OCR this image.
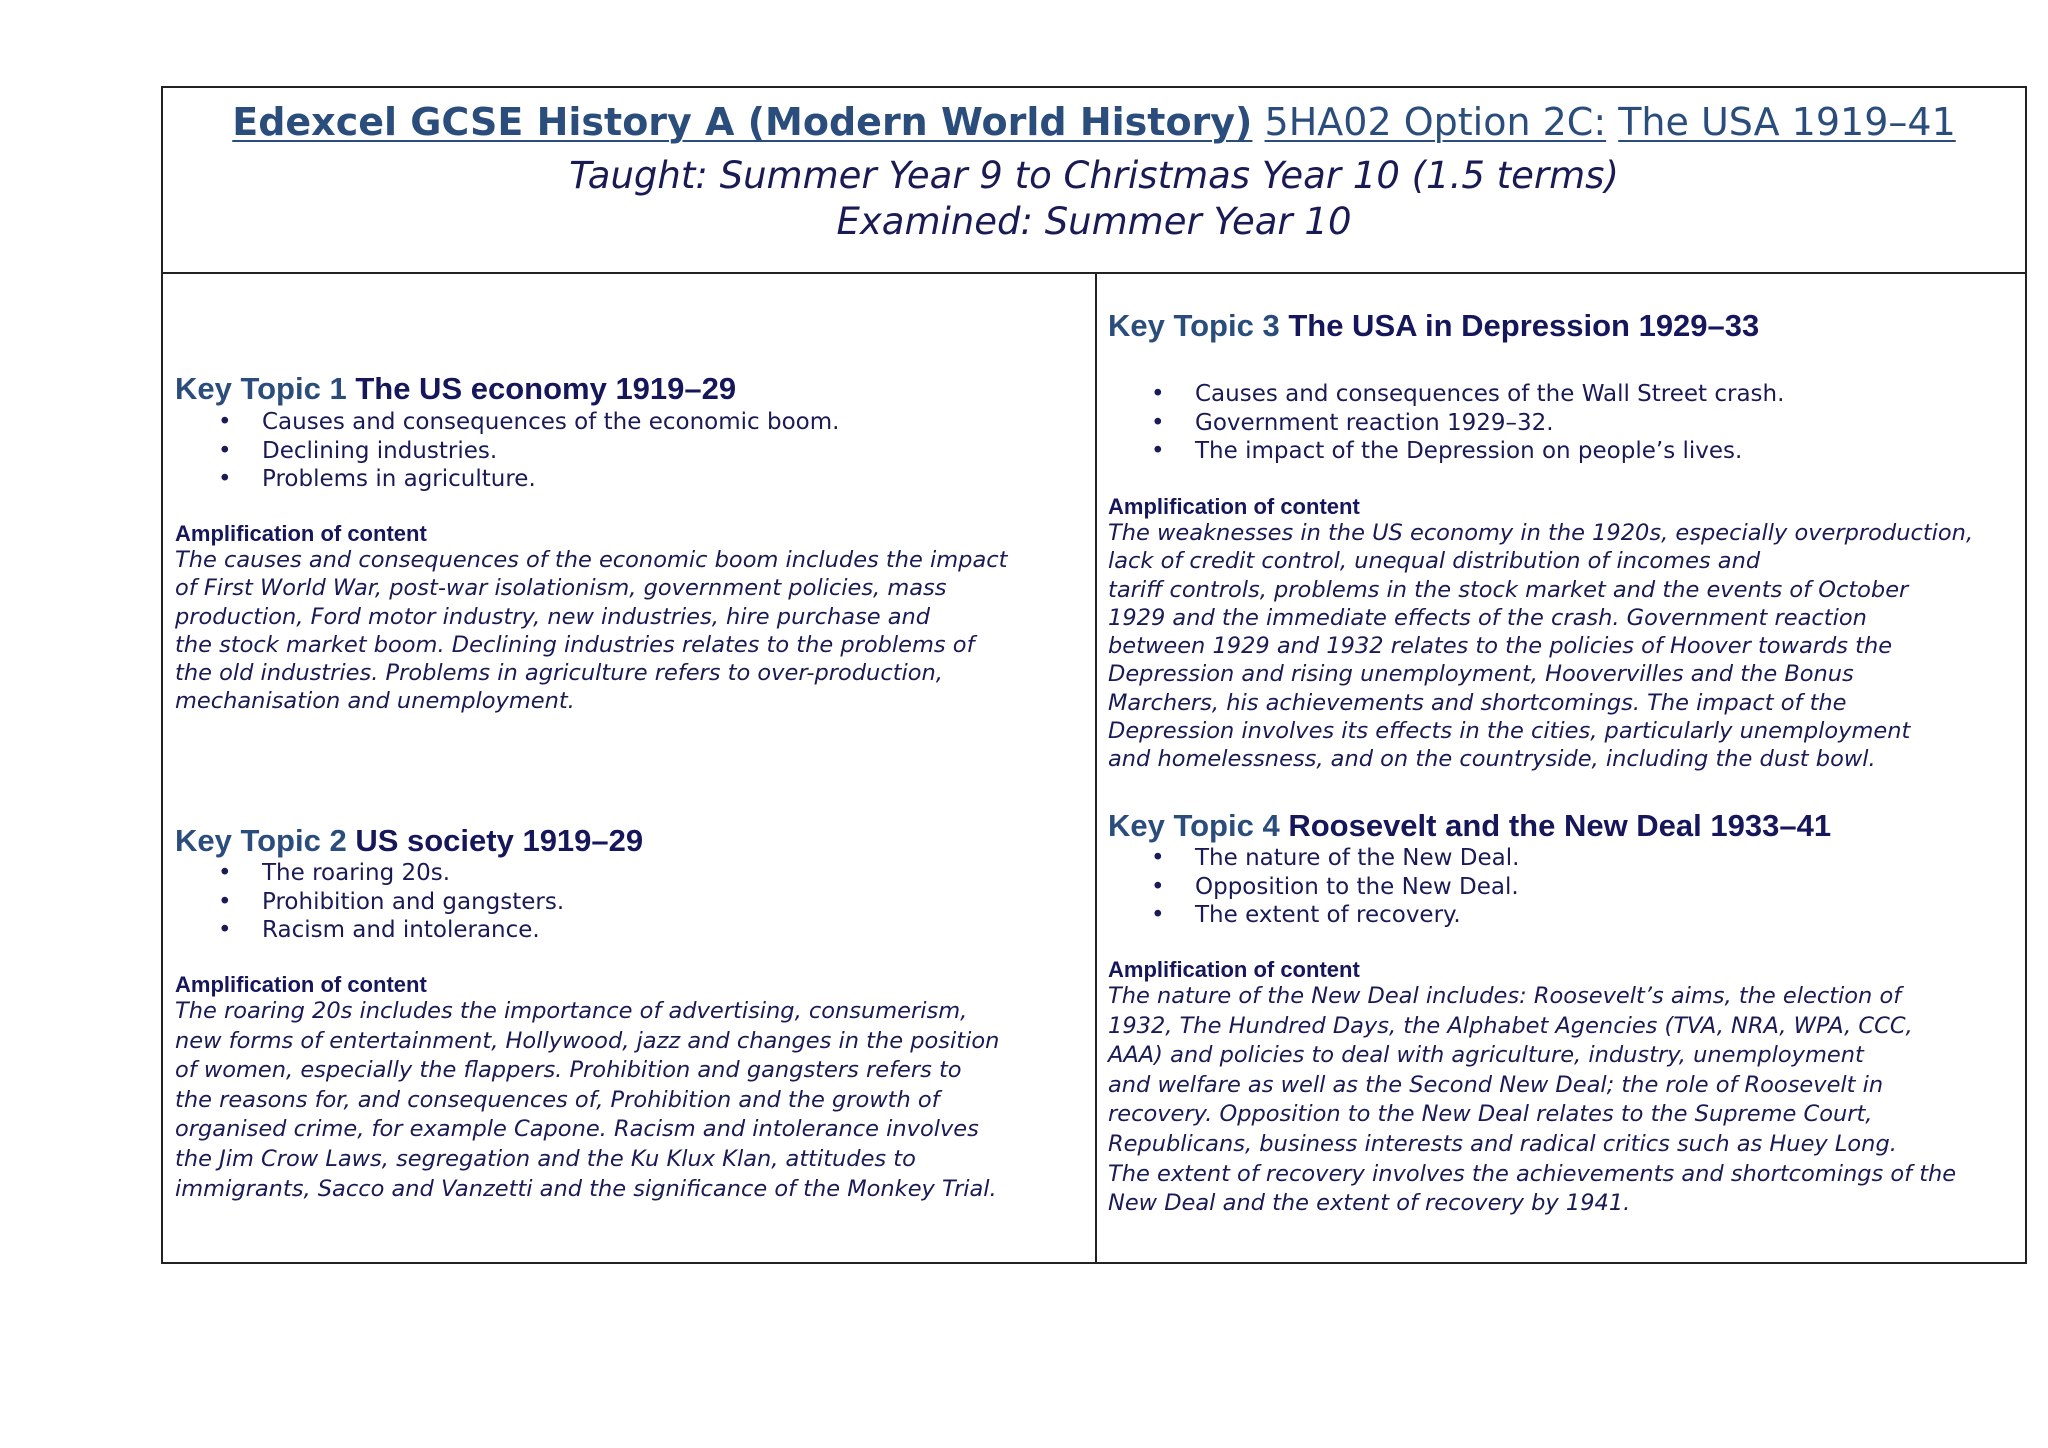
Edexcel GCSE History A (Modern World History) 5HA02 Option 2C: The USA 1919–41
Taught: Summer Year 9 to Christmas Year 10 (1.5 terms)
Examined: Summer Year 10
Key Topic 1 The US economy 1919–29
• Causes and consequences of the economic boom.
• Declining industries.
• Problems in agriculture.
Amplification of content
The causes and consequences of the economic boom includes the impact
of First World War, post-war isolationism, government policies, mass
production, Ford motor industry, new industries, hire purchase and
the stock market boom. Declining industries relates to the problems of
the old industries. Problems in agriculture refers to over-production,
mechanisation and unemployment.
Key Topic 2 US society 1919–29
• The roaring 20s.
• Prohibition and gangsters.
• Racism and intolerance.
Amplification of content
The roaring 20s includes the importance of advertising, consumerism,
new forms of entertainment, Hollywood, jazz and changes in the position
of women, especially the flappers. Prohibition and gangsters refers to
the reasons for, and consequences of, Prohibition and the growth of
organised crime, for example Capone. Racism and intolerance involves
the Jim Crow Laws, segregation and the Ku Klux Klan, attitudes to
immigrants, Sacco and Vanzetti and the significance of the Monkey Trial.
Key Topic 3 The USA in Depression 1929–33
• Causes and consequences of the Wall Street crash.
• Government reaction 1929–32.
• The impact of the Depression on people’s lives.
Amplification of content
The weaknesses in the US economy in the 1920s, especially overproduction,
lack of credit control, unequal distribution of incomes and
tariff controls, problems in the stock market and the events of October
1929 and the immediate effects of the crash. Government reaction
between 1929 and 1932 relates to the policies of Hoover towards the
Depression and rising unemployment, Hoovervilles and the Bonus
Marchers, his achievements and shortcomings. The impact of the
Depression involves its effects in the cities, particularly unemployment
and homelessness, and on the countryside, including the dust bowl.
Key Topic 4 Roosevelt and the New Deal 1933–41
• The nature of the New Deal.
• Opposition to the New Deal.
• The extent of recovery.
Amplification of content
The nature of the New Deal includes: Roosevelt’s aims, the election of
1932, The Hundred Days, the Alphabet Agencies (TVA, NRA, WPA, CCC,
AAA) and policies to deal with agriculture, industry, unemployment
and welfare as well as the Second New Deal; the role of Roosevelt in
recovery. Opposition to the New Deal relates to the Supreme Court,
Republicans, business interests and radical critics such as Huey Long.
The extent of recovery involves the achievements and shortcomings of the
New Deal and the extent of recovery by 1941.
